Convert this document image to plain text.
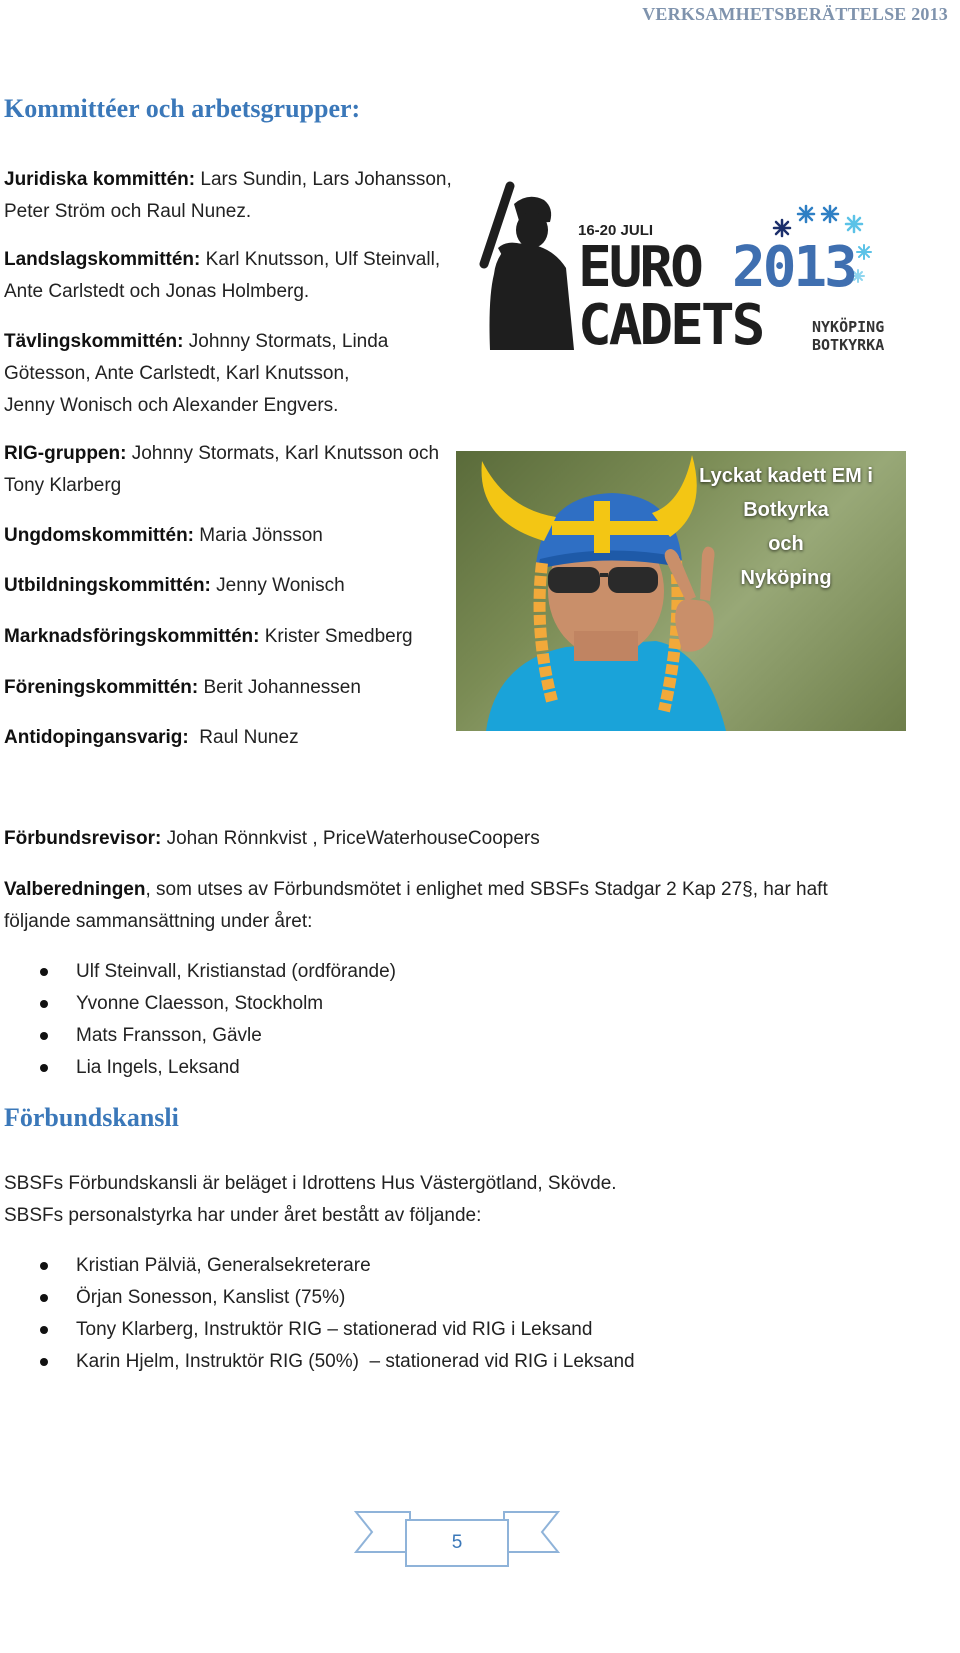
VERKSAMHETSBERÄTTELSE 2013
Kommittéer och arbetsgrupper:

Juridiska kommittén: Lars Sundin, Lars Johansson, Peter Ström och Raul Nunez.

Landslagskommittén: Karl Knutsson, Ulf Steinvall, Ante Carlstedt och Jonas Holmberg.

Tävlingskommittén: Johnny Stormats, Linda Götesson, Ante Carlstedt, Karl Knutsson, Jenny Wonisch och Alexander Engvers.

RIG-gruppen: Johnny Stormats, Karl Knutsson och Tony Klarberg

Ungdomskommittén: Maria Jönsson

Utbildningskommittén: Jenny Wonisch

Marknadsföringskommittén: Krister Smedberg

Föreningskommittén: Berit Johannessen

Antidopingansvarig:  Raul Nunez

16-20 JULI
EURO 2013
CADETS	NYKÖPING
BOTKYRKA
Lyckat kadett EM i
Botkyrka
och
Nyköping

Förbundsrevisor: Johan Rönnkvist , PriceWaterhouseCoopers

Valberedningen, som utses av Förbundsmötet i enlighet med SBSFs Stadgar 2 Kap 27§, har haft följande sammansättning under året:

Ulf Steinvall, Kristianstad (ordförande)
Yvonne Claesson, Stockholm
Mats Fransson, Gävle
Lia Ingels, Leksand
Förbundskansli

SBSFs Förbundskansli är beläget i Idrottens Hus Västergötland, Skövde.

SBSFs personalstyrka har under året bestått av följande:

Kristian Pälviä, Generalsekreterare
Örjan Sonesson, Kanslist (75%)
Tony Klarberg, Instruktör RIG – stationerad vid RIG i Leksand
Karin Hjelm, Instruktör RIG (50%)  – stationerad vid RIG i Leksand
5
